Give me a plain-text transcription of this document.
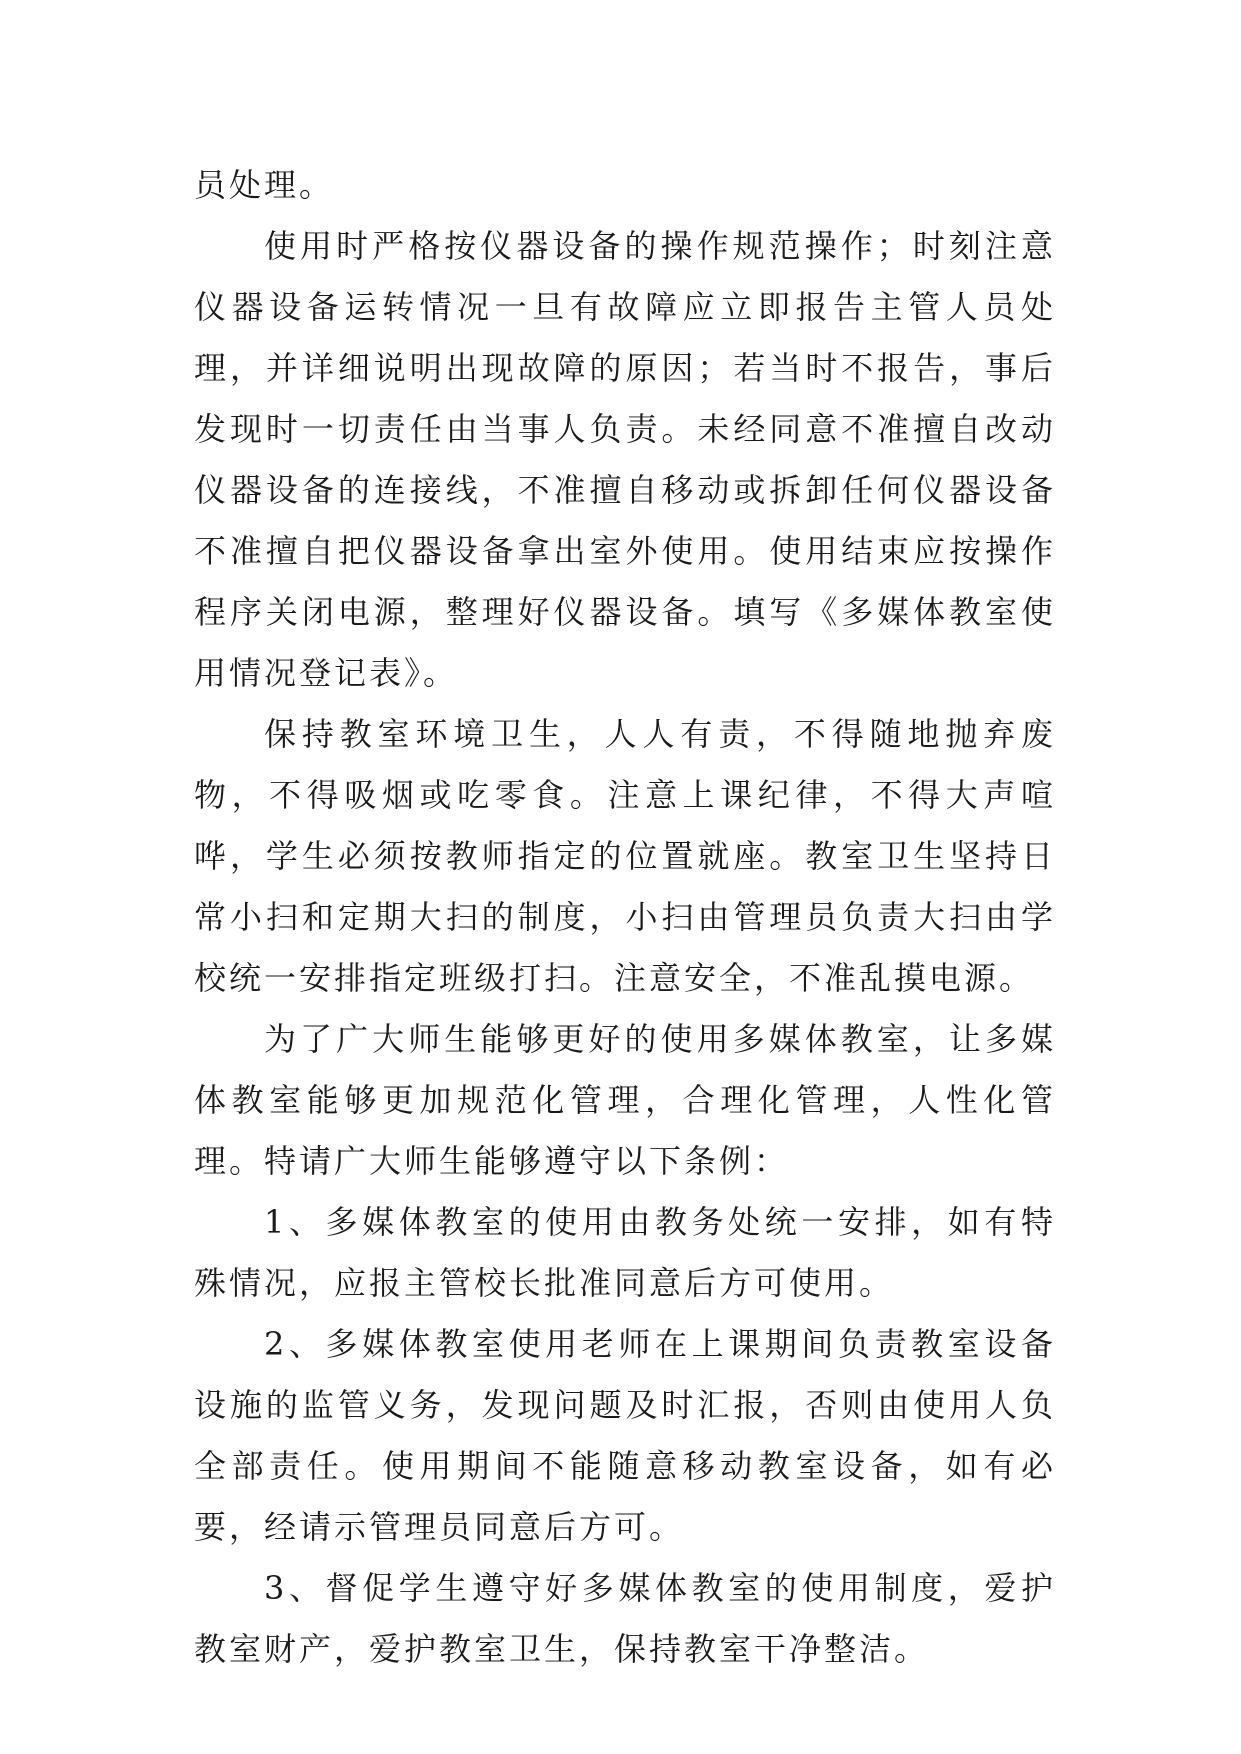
员处理。

使用时严格按仪器设备的操作规范操作；时刻注意仪器设备运转情况一旦有故障应立即报告主管人员处理，并详细说明出现故障的原因；若当时不报告，事后发现时一切责任由当事人负责。未经同意不准擅自改动仪器设备的连接线，不准擅自移动或拆卸任何仪器设备不准擅自把仪器设备拿出室外使用。使用结束应按操作程序关闭电源，整理好仪器设备。填写《多媒体教室使用情况登记表》。

保持教室环境卫生，人人有责，不得随地抛弃废物，不得吸烟或吃零食。注意上课纪律，不得大声喧哗，学生必须按教师指定的位置就座。教室卫生坚持日常小扫和定期大扫的制度，小扫由管理员负责大扫由学校统一安排指定班级打扫。注意安全，不准乱摸电源。

为了广大师生能够更好的使用多媒体教室，让多媒体教室能够更加规范化管理，合理化管理，人性化管理。特请广大师生能够遵守以下条例：

1、多媒体教室的使用由教务处统一安排，如有特殊情况，应报主管校长批准同意后方可使用。

2、多媒体教室使用老师在上课期间负责教室设备设施的监管义务，发现问题及时汇报，否则由使用人负全部责任。使用期间不能随意移动教室设备，如有必要，经请示管理员同意后方可。

3、督促学生遵守好多媒体教室的使用制度，爱护教室财产，爱护教室卫生，保持教室干净整洁。
